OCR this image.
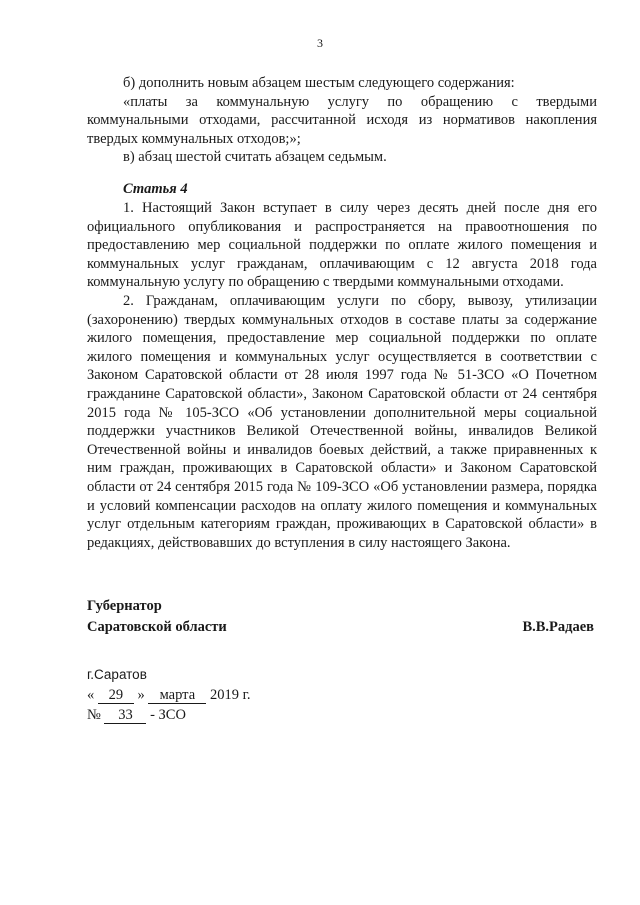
3

б) дополнить новым абзацем шестым следующего содержания:

«платы за коммунальную услугу по обращению с твердыми коммунальными отходами, рассчитанной исходя из нормативов накопления твердых коммунальных отходов;»;

в) абзац шестой считать абзацем седьмым.

Статья 4

1. Настоящий Закон вступает в силу через десять дней после дня его официального опубликования и распространяется на правоотношения по предоставлению мер социальной поддержки по оплате жилого помещения и коммунальных услуг гражданам, оплачивающим с 12 августа 2018 года коммунальную услугу по обращению с твердыми коммунальными отходами.

2. Гражданам, оплачивающим услуги по сбору, вывозу, утилизации (захоронению) твердых коммунальных отходов в составе платы за содержание жилого помещения, предоставление мер социальной поддержки по оплате жилого помещения и коммунальных услуг осуществляется в соответствии с Законом Саратовской области от 28 июля 1997 года № 51-ЗСО «О Почетном гражданине Саратовской области», Законом Саратовской области от 24 сентября 2015 года № 105-ЗСО «Об установлении дополнительной меры социальной поддержки участников Великой Отечественной войны, инвалидов Великой Отечественной войны и инвалидов боевых действий, а также приравненных к ним граждан, проживающих в Саратовской области» и Законом Саратовской области от 24 сентября 2015 года № 109-ЗСО «Об установлении размера, порядка и условий компенсации расходов на оплату жилого помещения и коммунальных услуг отдельным категориям граждан, проживающих в Саратовской области» в редакциях, действовавших до вступления в силу настоящего Закона.

Губернатор
Саратовской области	В.В.Радаев
г.Саратов
« 29 » марта 2019 г.
№ 33 - ЗСО
